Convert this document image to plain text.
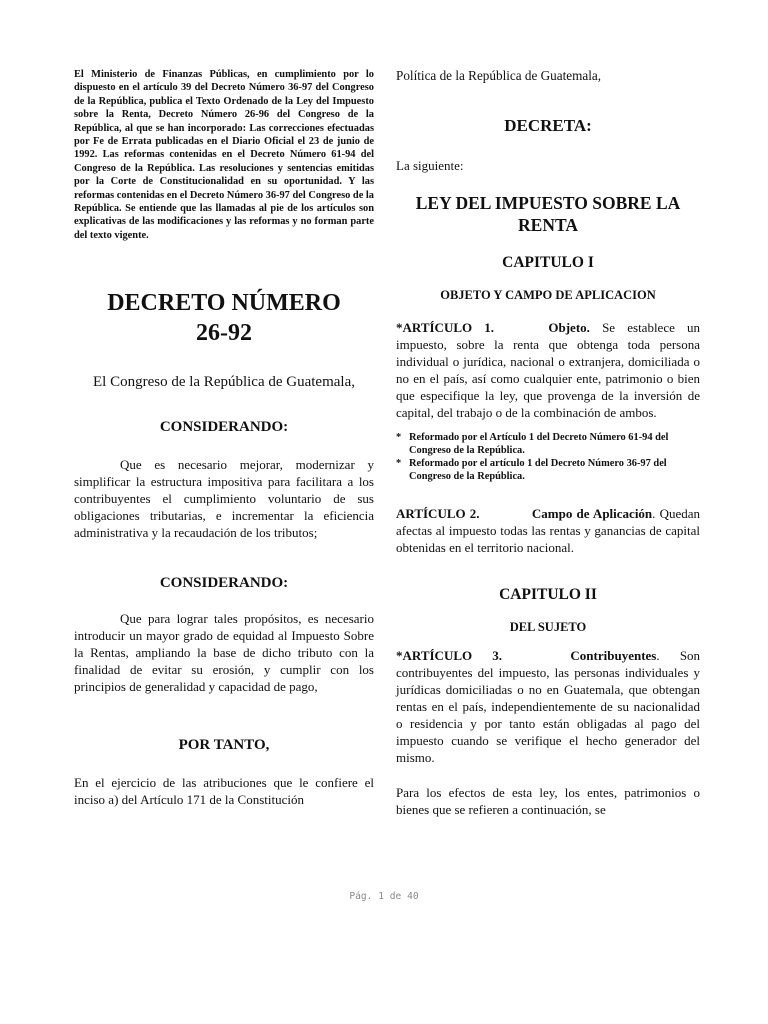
El Ministerio de Finanzas Públicas, en cumplimiento por lo dispuesto en el artículo 39 del Decreto Número 36-97 del Congreso de la República, publica el Texto Ordenado de la Ley del Impuesto sobre la Renta, Decreto Número 26-96 del Congreso de la República, al que se han incorporado: Las correcciones efectuadas por Fe de Errata publicadas en el Diario Oficial el 23 de junio de 1992. Las reformas contenidas en el Decreto Número 61-94 del Congreso de la República. Las resoluciones y sentencias emitidas por la Corte de Constitucionalidad en su oportunidad. Y las reformas contenidas en el Decreto Número 36-97 del Congreso de la República. Se entiende que las llamadas al pie de los artículos son explicativas de las modificaciones y las reformas y no forman parte del texto vigente.

DECRETO NÚMERO
26-92

El Congreso de la República de Guatemala,

CONSIDERANDO:

Que es necesario mejorar, modernizar y simplificar la estructura impositiva para facilitara a los contribuyentes el cumplimiento voluntario de sus obligaciones tributarias, e incrementar la eficiencia administrativa y la recaudación de los tributos;

CONSIDERANDO:

Que para lograr tales propósitos, es necesario introducir un mayor grado de equidad al Impuesto Sobre la Rentas, ampliando la base de dicho tributo con la finalidad de evitar su erosión, y cumplir con los principios de generalidad y capacidad de pago,

POR TANTO,

En el ejercicio de las atribuciones que le confiere el inciso a) del Artículo 171 de la Constitución

Política de la República de Guatemala,

DECRETA:

La siguiente:

LEY DEL IMPUESTO SOBRE LA RENTA

CAPITULO I

OBJETO Y CAMPO DE APLICACION

*ARTÍCULO 1.	Objeto. Se establece un impuesto, sobre la renta que obtenga toda persona individual o jurídica, nacional o extranjera, domiciliada o no en el país, así como cualquier ente, patrimonio o bien que especifique la ley, que provenga de la inversión de capital, del trabajo o de la combinación de ambos.

* Reformado por el Artículo 1 del Decreto Número 61-94 del Congreso de la República.

* Reformado por el artículo 1 del Decreto Número 36-97 del Congreso de la República.

ARTÍCULO 2.	Campo de Aplicación. Quedan afectas al impuesto todas las rentas y ganancias de capital obtenidas en el territorio nacional.

CAPITULO II

DEL SUJETO

*ARTÍCULO 3.	Contribuyentes. Son contribuyentes del impuesto, las personas individuales y jurídicas domiciliadas o no en Guatemala, que obtengan rentas en el país, independientemente de su nacionalidad o residencia y por tanto están obligadas al pago del impuesto cuando se verifique el hecho generador del mismo.

Para los efectos de esta ley, los entes, patrimonios o bienes que se refieren a continuación, se

Pág. 1 de 40
